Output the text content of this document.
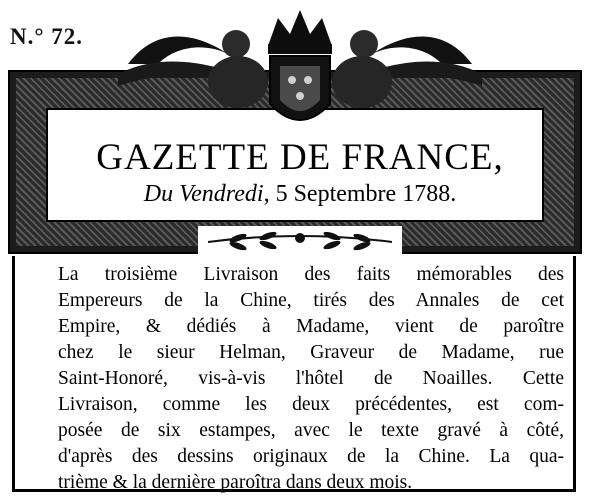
N.° 72.
GAZETTE DE FRANCE,
Du Vendredi, 5 Septembre 1788.
La troisième Livraison des faits mémorables des
Empereurs de la Chine, tirés des Annales de cet
Empire, & dédiés à Madame, vient de paroître
chez le sieur Helman, Graveur de Madame, rue
Saint-Honoré, vis-à-vis l'hôtel de Noailles. Cette
Livraison, comme les deux précédentes, est com-
posée de six estampes, avec le texte gravé à côté,
d'après des dessins originaux de la Chine. La qua-
trième & la dernière paroîtra dans deux mois.
